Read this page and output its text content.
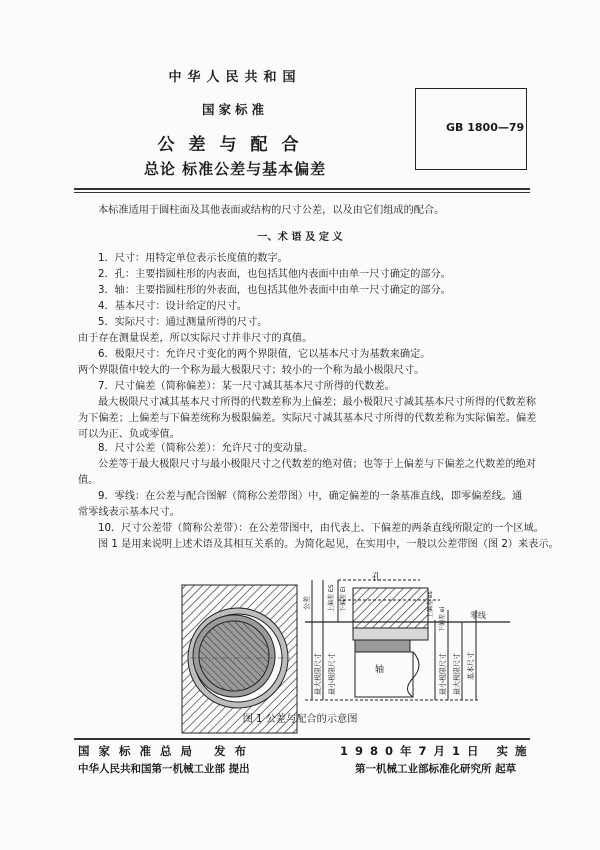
中华人民共和国
国家标准
公差与配合
总论 标准公差与基本偏差
GB 1800—79
本标准适用于圆柱面及其他表面或结构的尺寸公差，以及由它们组成的配合。
一、术 语 及 定 义
1．尺寸：用特定单位表示长度值的数字。
2．孔：主要指圆柱形的内表面，也包括其他内表面中由单一尺寸确定的部分。
3．轴：主要指圆柱形的外表面，也包括其他外表面中由单一尺寸确定的部分。
4．基本尺寸：设计给定的尺寸。
5．实际尺寸：通过测量所得的尺寸。
由于存在测量误差，所以实际尺寸并非尺寸的真值。
6．极限尺寸：允许尺寸变化的两个界限值，它以基本尺寸为基数来确定。
两个界限值中较大的一个称为最大极限尺寸；较小的一个称为最小极限尺寸。
7．尺寸偏差（简称偏差）：某一尺寸减其基本尺寸所得的代数差。
最大极限尺寸减其基本尺寸所得的代数差称为上偏差；最小极限尺寸减其基本尺寸所得的代数差称
为下偏差；上偏差与下偏差统称为极限偏差。实际尺寸减其基本尺寸所得的代数差称为实际偏差。偏差
可以为正、负或零值。
8．尺寸公差（简称公差）：允许尺寸的变动量。
公差等于最大极限尺寸与最小极限尺寸之代数差的绝对值；也等于上偏差与下偏差之代数差的绝对
值。
9．零线：在公差与配合图解（简称公差带图）中，确定偏差的一条基准直线，即零偏差线。通
常零线表示基本尺寸。
10．尺寸公差带（简称公差带）：在公差带图中，由代表上、下偏差的两条直线所限定的一个区域。
图 1 是用来说明上述术语及其相互关系的。为简化起见，在实用中，一般以公差带图（图 2）来表示。
孔
轴
零线
公差	上偏差 ES 下偏差 EI	上偏差 es
下偏差 ei
最大极限尺寸 最小极限尺寸	最小极限尺寸 最大极限尺寸 基本尺寸
图 1 公差与配合的示意图
国家标准总局 发布	1980年7月1日 实施
中华人民共和国第一机械工业部 提出	第一机械工业部标准化研究所 起草
